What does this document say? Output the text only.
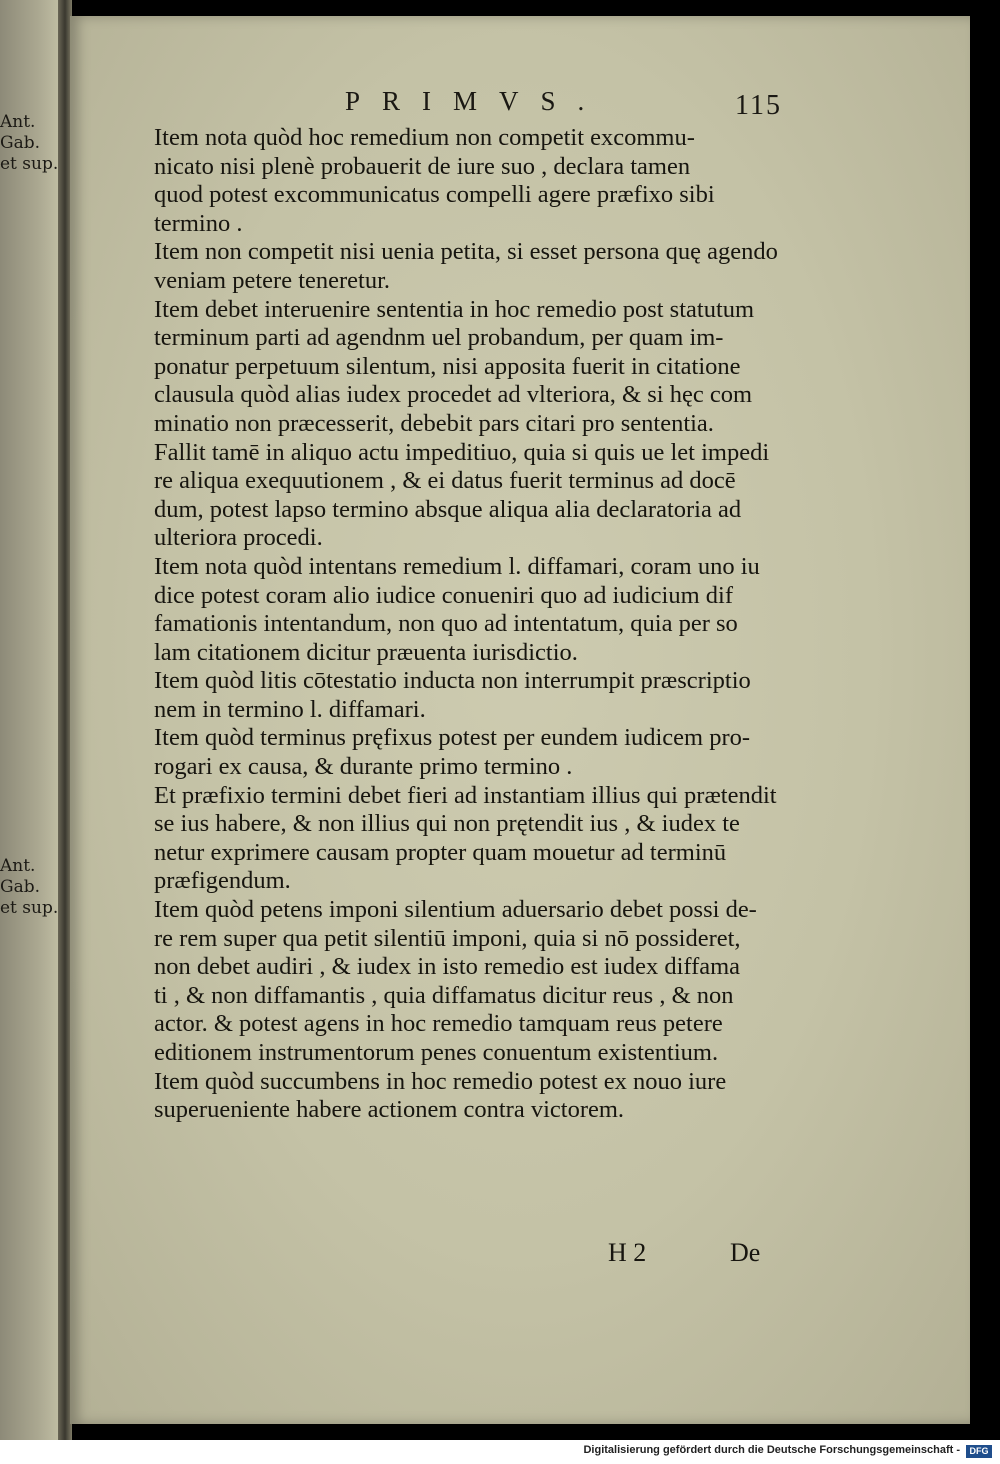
Ant.
Gab.
et sup.
Ant.
Gab.
et sup.
PRIMVS.	115

Item nota quòd hoc remedium non competit excommu-
nicato nisi plenè probauerit de iure suo , declara tamen
quod potest excommunicatus compelli agere præfixo sibi
termino .

Item non competit nisi uenia petita, si esset persona quę agendo
veniam petere teneretur.

Item debet interuenire sententia in hoc remedio post statutum
terminum parti ad agendnm uel probandum, per quam im-
ponatur perpetuum silentum, nisi apposita fuerit in citatione
clausula quòd alias iudex procedet ad vlteriora, & si hęc com
minatio non præcesserit, debebit pars citari pro sententia.

Fallit tamē in aliquo actu impeditiuo, quia si quis ue let impedi
re aliqua exequutionem , & ei datus fuerit terminus ad docē
dum, potest lapso termino absque aliqua alia declaratoria ad
ulteriora procedi.

Item nota quòd intentans remedium l. diffamari, coram uno iu
dice potest coram alio iudice conueniri quo ad iudicium dif
famationis intentandum, non quo ad intentatum, quia per so
lam citationem dicitur præuenta iurisdictio.

Item quòd litis cōtestatio inducta non interrumpit præscriptio
nem in termino l. diffamari.

Item quòd terminus pręfixus potest per eundem iudicem pro-
rogari ex causa, & durante primo termino .

Et præfixio termini debet fieri ad instantiam illius qui prætendit
se ius habere, & non illius qui non prętendit ius , & iudex te
netur exprimere causam propter quam mouetur ad terminū
præfigendum.

Item quòd petens imponi silentium aduersario debet possi de-
re rem super qua petit silentiū imponi, quia si nō possideret,
non debet audiri , & iudex in isto remedio est iudex diffama
ti , & non diffamantis , quia diffamatus dicitur reus , & non
actor. & potest agens in hoc remedio tamquam reus petere
editionem instrumentorum penes conuentum existentium.

Item quòd succumbens in hoc remedio potest ex nouo iure
superueniente habere actionem contra victorem.

H 2	De
Digitalisierung gefördert durch die Deutsche Forschungsgemeinschaft -	DFG
